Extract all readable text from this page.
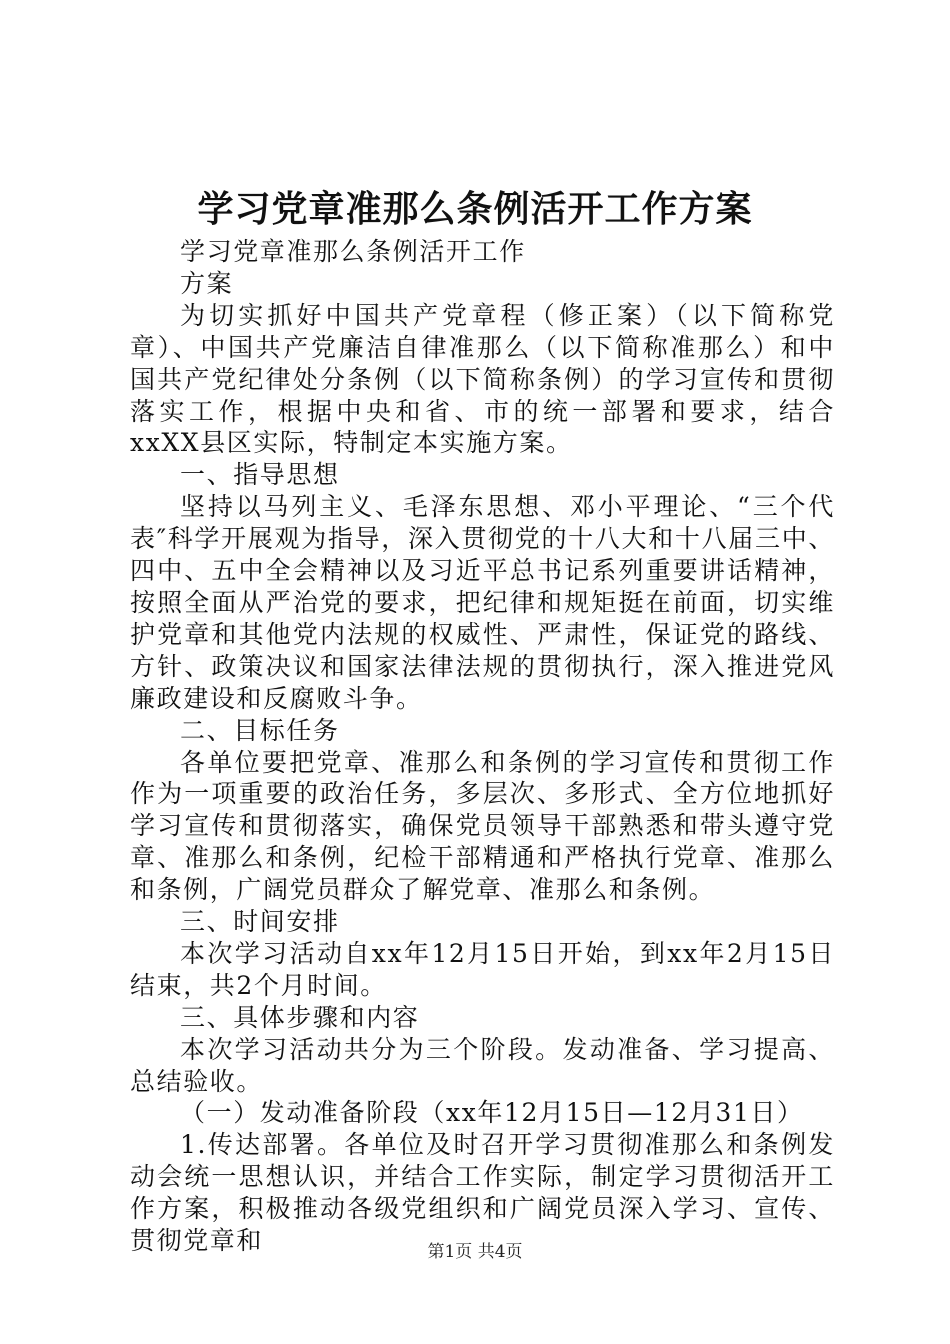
学习党章准那么条例活开工作方案

学习党章准那么条例活开工作

方案

为切实抓好中国共产党章程（修正案）（以下简称党章）、中国共产党廉洁自律准那么（以下简称准那么）和中国共产党纪律处分条例（以下简称条例）的学习宣传和贯彻落实工作，根据中央和省、市的统一部署和要求，结合xxXX县区实际，特制定本实施方案。

一、指导思想

坚持以马列主义、毛泽东思想、邓小平理论、“三个代表″科学开展观为指导，深入贯彻党的十八大和十八届三中、四中、五中全会精神以及习近平总书记系列重要讲话精神，按照全面从严治党的要求，把纪律和规矩挺在前面，切实维护党章和其他党内法规的权威性、严肃性，保证党的路线、方针、政策决议和国家法律法规的贯彻执行，深入推进党风廉政建设和反腐败斗争。

二、目标任务

各单位要把党章、准那么和条例的学习宣传和贯彻工作作为一项重要的政治任务，多层次、多形式、全方位地抓好学习宣传和贯彻落实，确保党员领导干部熟悉和带头遵守党章、准那么和条例，纪检干部精通和严格执行党章、准那么和条例，广阔党员群众了解党章、准那么和条例。

三、时间安排

本次学习活动自xx年12月15日开始，到xx年2月15日结束，共2个月时间。

三、具体步骤和内容

本次学习活动共分为三个阶段。发动准备、学习提高、总结验收。

（一）发动准备阶段（xx年12月15日—12月31日）

1.传达部署。各单位及时召开学习贯彻准那么和条例发动会统一思想认识，并结合工作实际，制定学习贯彻活开工作方案，积极推动各级党组织和广阔党员深入学习、宣传、贯彻党章和	第1页 共4页
